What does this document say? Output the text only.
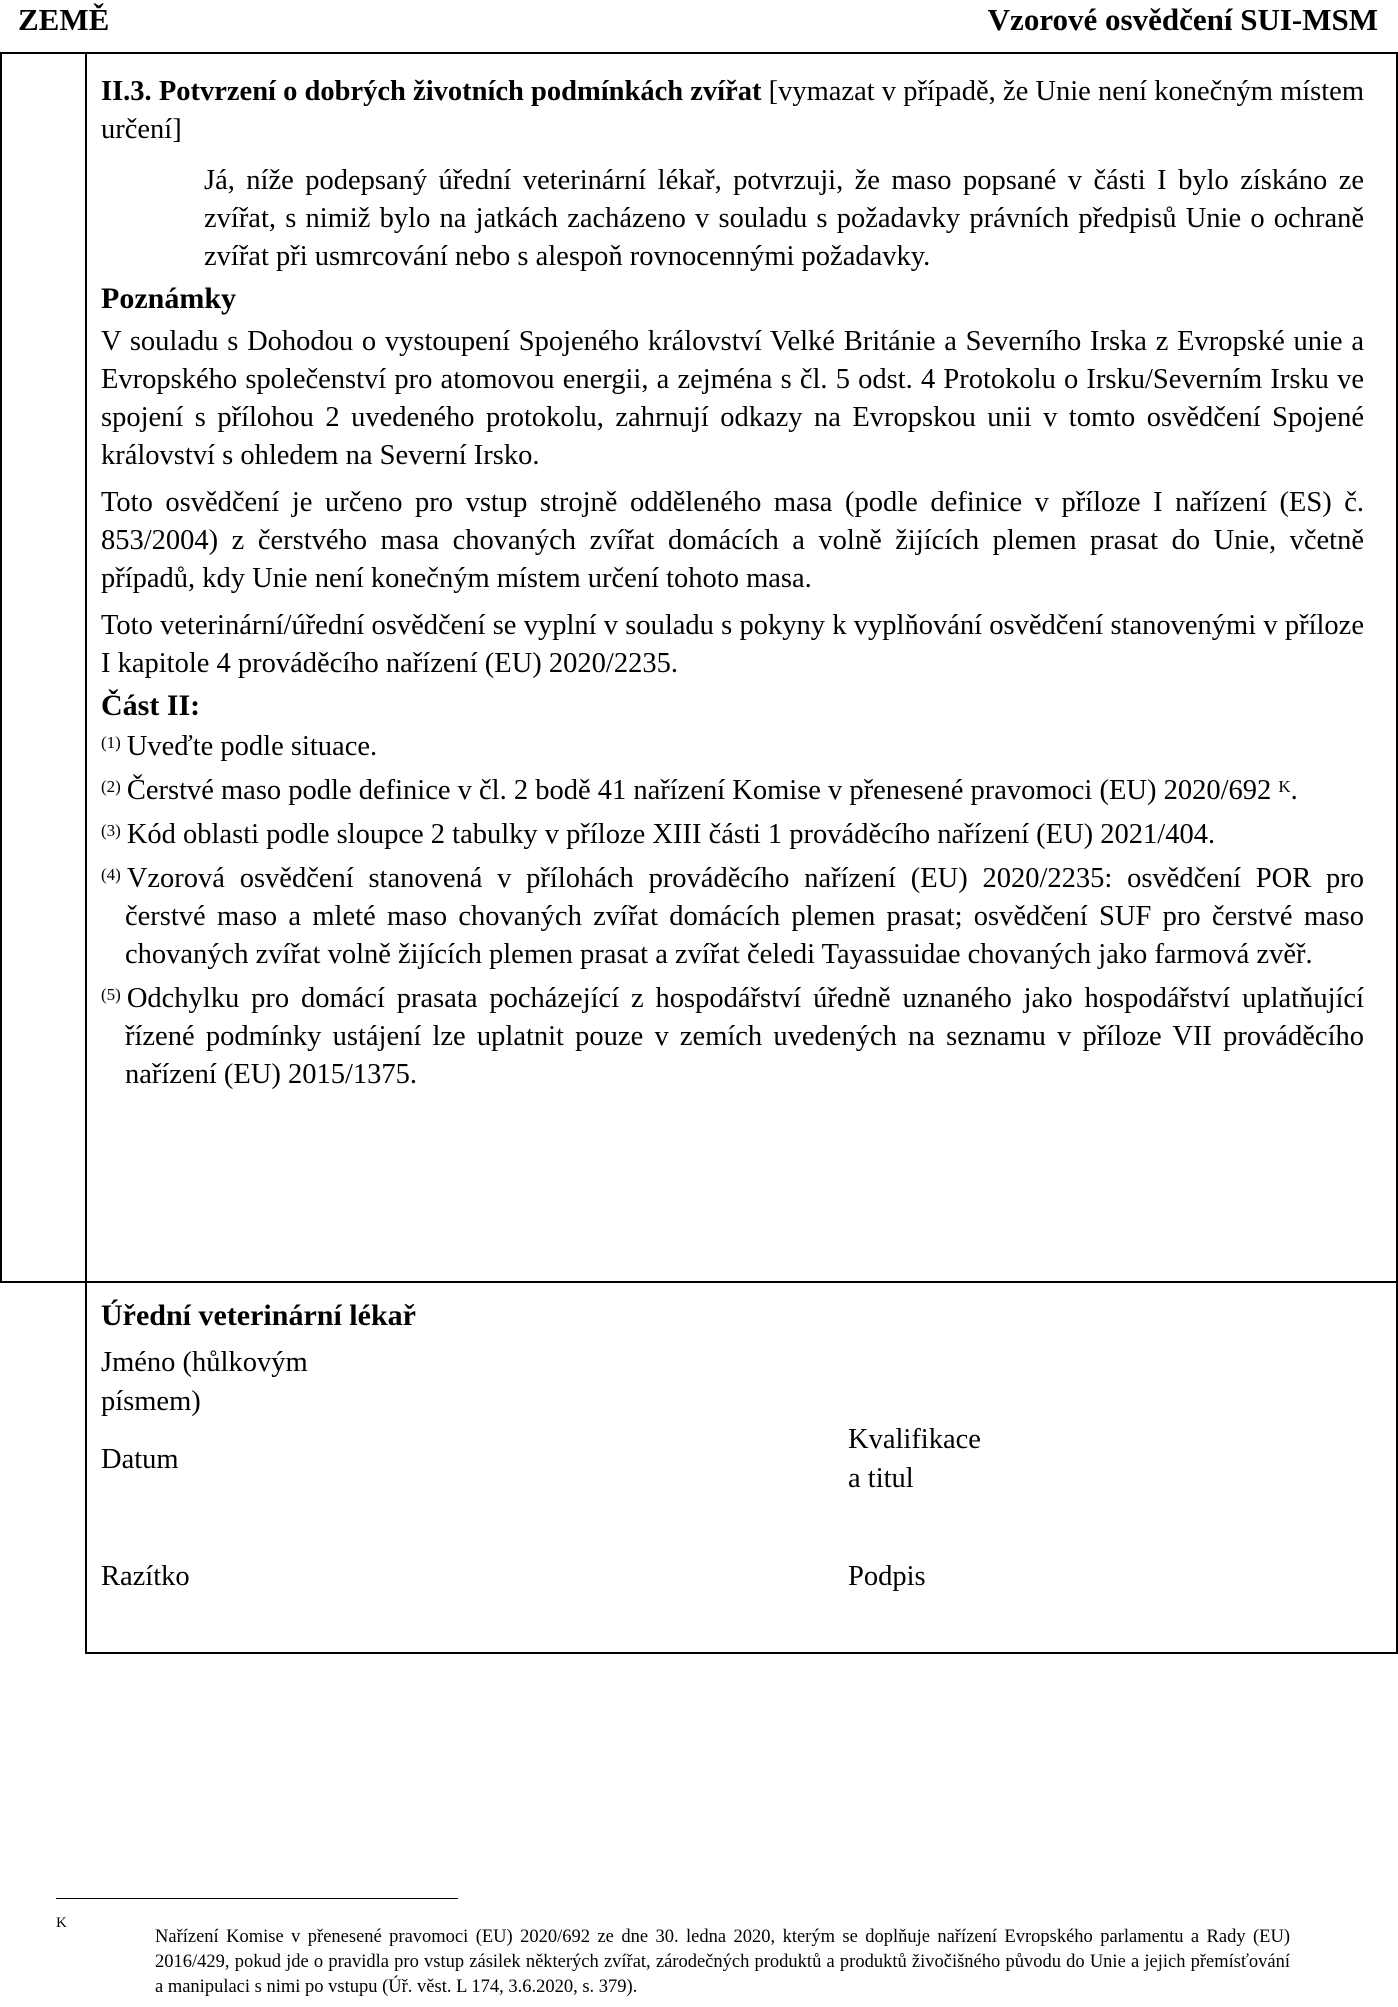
ZEMĚ	Vzorové osvědčení SUI-MSM

II.3. Potvrzení o dobrých životních podmínkách zvířat [vymazat v případě, že Unie není konečným místem určení]

Já, níže podepsaný úřední veterinární lékař, potvrzuji, že maso popsané v části I bylo získáno ze zvířat, s nimiž bylo na jatkách zacházeno v souladu s požadavky právních předpisů Unie o ochraně zvířat při usmrcování nebo s alespoň rovnocennými požadavky.

Poznámky

V souladu s Dohodou o vystoupení Spojeného království Velké Británie a Severního Irska z Evropské unie a Evropského společenství pro atomovou energii, a zejména s čl. 5 odst. 4 Protokolu o Irsku/Severním Irsku ve spojení s přílohou 2 uvedeného protokolu, zahrnují odkazy na Evropskou unii v tomto osvědčení Spojené království s ohledem na Severní Irsko.

Toto osvědčení je určeno pro vstup strojně odděleného masa (podle definice v příloze I nařízení (ES) č. 853/2004) z čerstvého masa chovaných zvířat domácích a volně žijících plemen prasat do Unie, včetně případů, kdy Unie není konečným místem určení tohoto masa.

Toto veterinární/úřední osvědčení se vyplní v souladu s pokyny k vyplňování osvědčení stanovenými v příloze I kapitole 4 prováděcího nařízení (EU) 2020/2235.

Část II:

$^{(1)}$ Uveďte podle situace.

$^{(2)}$ Čerstvé maso podle definice v čl. 2 bodě 41 nařízení Komise v přenesené pravomoci (EU) 2020/692 $^K$.

$^{(3)}$ Kód oblasti podle sloupce 2 tabulky v příloze XIII části 1 prováděcího nařízení (EU) 2021/404.

$^{(4)}$ Vzorová osvědčení stanovená v přílohách prováděcího nařízení (EU) 2020/2235: osvědčení POR pro čerstvé maso a mleté maso chovaných zvířat domácích plemen prasat; osvědčení SUF pro čerstvé maso chovaných zvířat volně žijících plemen prasat a zvířat čeledi Tayassuidae chovaných jako farmová zvěř.

$^{(5)}$ Odchylku pro domácí prasata pocházející z hospodářství úředně uznaného jako hospodářství uplatňující řízené podmínky ustájení lze uplatnit pouze v zemích uvedených na seznamu v příloze VII prováděcího nařízení (EU) 2015/1375.

Úřední veterinární lékař
Jméno (hůlkovým
písmem)
Datum
Kvalifikace
a titul
Razítko	Podpis
K
Nařízení Komise v přenesené pravomoci (EU) 2020/692 ze dne 30. ledna 2020, kterým se doplňuje nařízení Evropského parlamentu a Rady (EU) 2016/429, pokud jde o pravidla pro vstup zásilek některých zvířat, zárodečných produktů a produktů živočišného původu do Unie a jejich přemísťování a manipulaci s nimi po vstupu (Úř. věst. L 174, 3.6.2020, s. 379).
